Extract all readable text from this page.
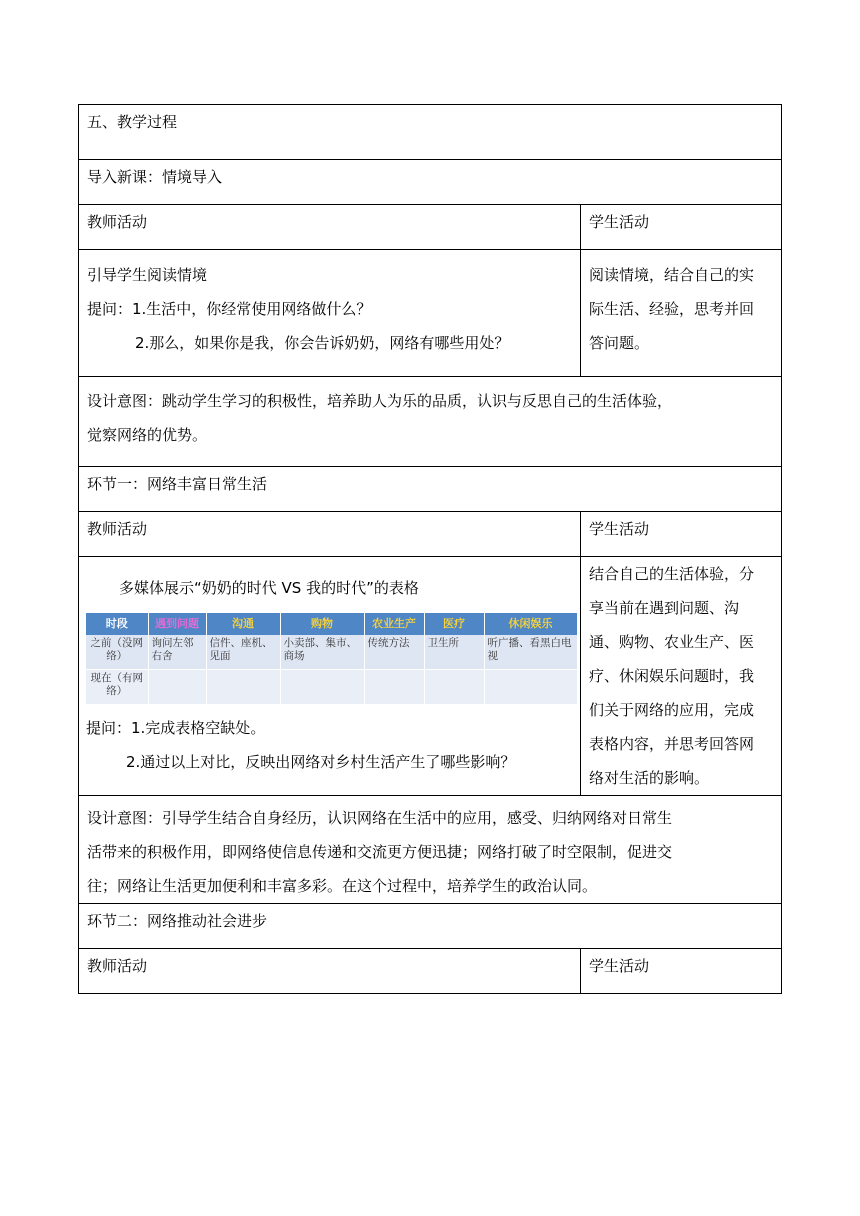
五、教学过程
导入新课：情境导入
教师活动	学生活动

引导学生阅读情境
提问：1.生活中，你经常使用网络做什么？
2.那么，如果你是我，你会告诉奶奶，网络有哪些用处？

阅读情境，结合自己的实
际生活、经验，思考并回
答问题。

设计意图：跳动学生学习的积极性，培养助人为乐的品质，认识与反思自己的生活体验，
觉察网络的优势。

环节一：网络丰富日常生活
教师活动	学生活动

多媒体展示“奶奶的时代 VS 我的时代”的表格
时段	遇到问题	沟通	购物	农业生产	医疗	休闲娱乐
之前（没网络）	询问左邻右舍	信件、座机、见面	小卖部、集市、商场	传统方法	卫生所	听广播、看黑白电视
现在（有网络）						
提问：1.完成表格空缺处。
2.通过以上对比，反映出网络对乡村生活产生了哪些影响？

结合自己的生活体验，分
享当前在遇到问题、沟
通、购物、农业生产、医
疗、休闲娱乐问题时，我
们关于网络的应用，完成
表格内容，并思考回答网
络对生活的影响。

设计意图：引导学生结合自身经历，认识网络在生活中的应用，感受、归纳网络对日常生
活带来的积极作用，即网络使信息传递和交流更方便迅捷；网络打破了时空限制，促进交
往；网络让生活更加便利和丰富多彩。在这个过程中，培养学生的政治认同。

环节二：网络推动社会进步
教师活动	学生活动
